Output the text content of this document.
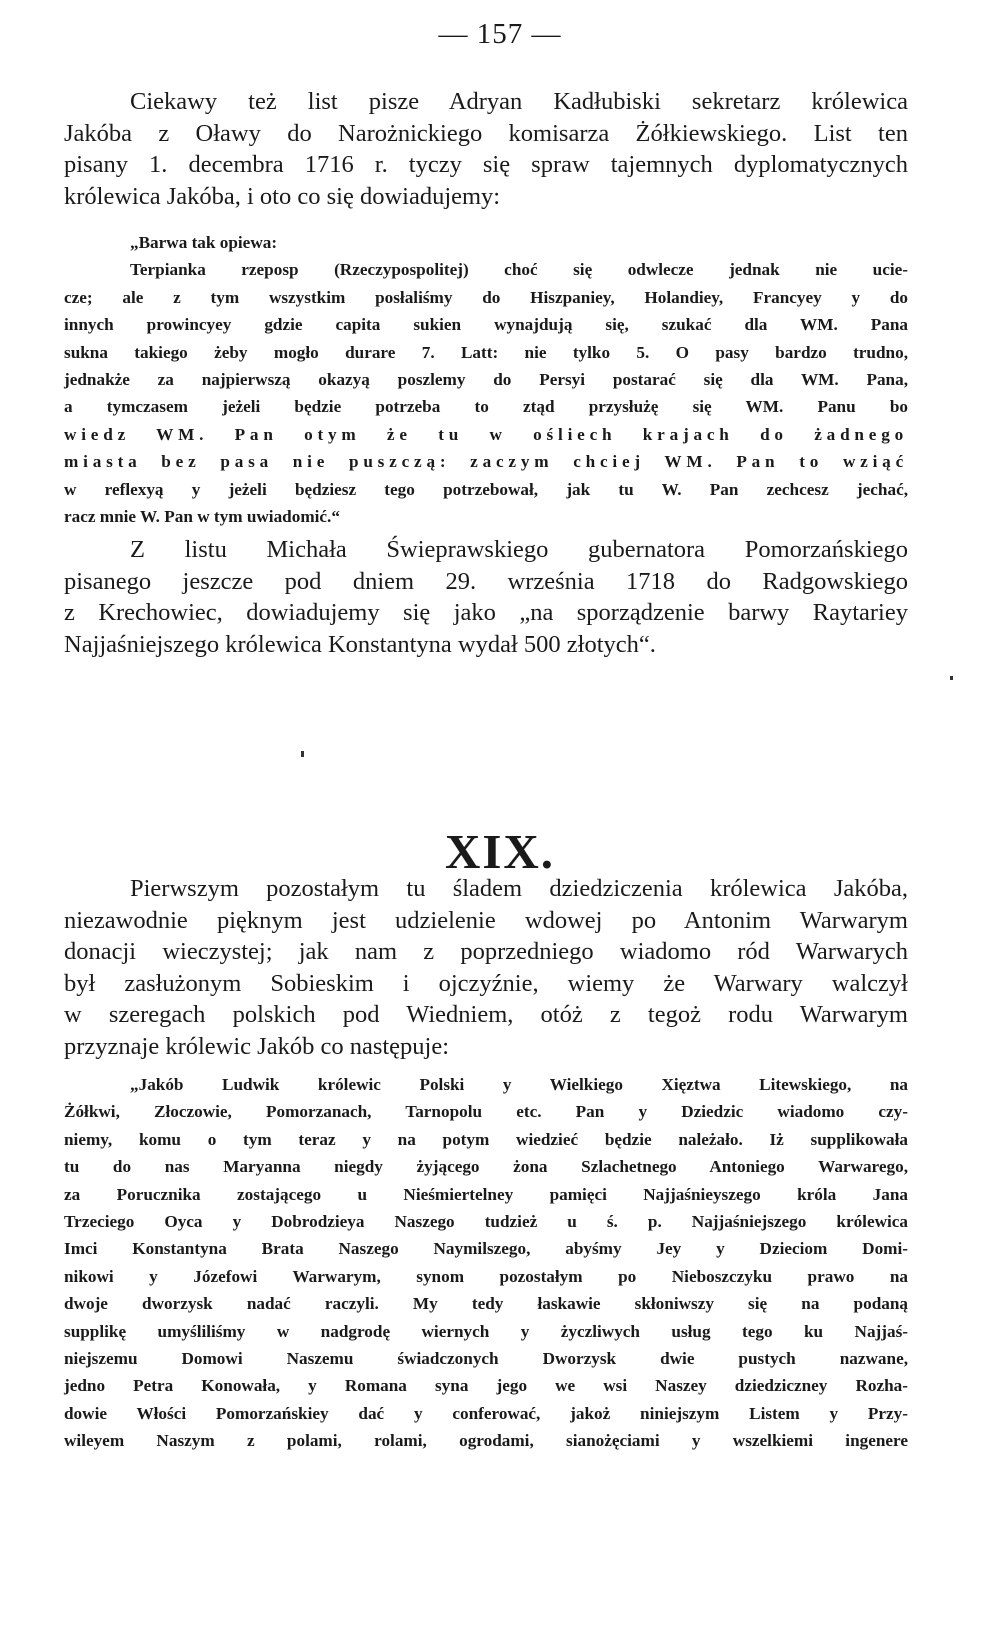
— 157 —
Ciekawy też list pisze Adryan Kadłubiski sekretarz królewica
Jakóba z Oławy do Narożnickiego komisarza Żółkiewskiego. List ten
pisany 1. decembra 1716 r. tyczy się spraw tajemnych dyplomatycznych
królewica Jakóba, i oto co się dowiadujemy:
„Barwa tak opiewa:
Terpianka rzeposp (Rzeczypospolitej) choć się odwlecze jednak nie ucie-
cze; ale z tym wszystkim posłaliśmy do Hiszpaniey, Holandiey, Francyey y do
innych prowincyey gdzie capita sukien wynajdują się, szukać dla WM. Pana
sukna takiego żeby mogło durare 7. Latt: nie tylko 5. O pasy bardzo trudno,
jednakże za najpierwszą okazyą poszlemy do Persyi postarać się dla WM. Pana,
a tymczasem jeżeli będzie potrzeba to ztąd przysłużę się WM. Panu bo
wiedz WM. Pan otym że tu w ośliech krajach do żadnego
miasta bez pasa nie puszczą: zaczym chciej WM. Pan to wziąć
w reflexyą y jeżeli będziesz tego potrzebował, jak tu W. Pan zechcesz jechać,
racz mnie W. Pan w tym uwiadomić.“
Z listu Michała Świeprawskiego gubernatora Pomorzańskiego
pisanego jeszcze pod dniem 29. września 1718 do Radgowskiego
z Krechowiec, dowiadujemy się jako „na sporządzenie barwy Raytariey
Najjaśniejszego królewica Konstantyna wydał 500 złotych“.
XIX.
Pierwszym pozostałym tu śladem dziedziczenia królewica Jakóba,
niezawodnie pięknym jest udzielenie wdowej po Antonim Warwarym
donacji wieczystej; jak nam z poprzedniego wiadomo ród Warwarych
był zasłużonym Sobieskim i ojczyźnie, wiemy że Warwary walczył
w szeregach polskich pod Wiedniem, otóż z tegoż rodu Warwarym
przyznaje królewic Jakób co następuje:
„Jakób Ludwik królewic Polski y Wielkiego Xięztwa Litewskiego, na
Żółkwi, Złoczowie, Pomorzanach, Tarnopolu etc. Pan y Dziedzic wiadomo czy-
niemy, komu o tym teraz y na potym wiedzieć będzie należało. Iż supplikowała
tu do nas Maryanna niegdy żyjącego żona Szlachetnego Antoniego Warwarego,
za Porucznika zostającego u Nieśmiertelney pamięci Najjaśnieyszego króla Jana
Trzeciego Oyca y Dobrodzieya Naszego tudzież u ś. p. Najjaśniejszego królewica
Imci Konstantyna Brata Naszego Naymilszego, abyśmy Jey y Dzieciom Domi-
nikowi y Józefowi Warwarym, synom pozostałym po Nieboszczyku prawo na
dwoje dworzysk nadać raczyli. My tedy łaskawie skłoniwszy się na podaną
supplikę umyśliliśmy w nadgrodę wiernych y życzliwych usług tego ku Najjaś-
niejszemu Domowi Naszemu świadczonych Dworzysk dwie pustych nazwane,
jedno Petra Konowała, y Romana syna jego we wsi Naszey dziedziczney Rozha-
dowie Włości Pomorzańskiey dać y conferować, jakoż niniejszym Listem y Przy-
wileyem Naszym z polami, rolami, ogrodami, sianożęciami y wszelkiemi ingenere
